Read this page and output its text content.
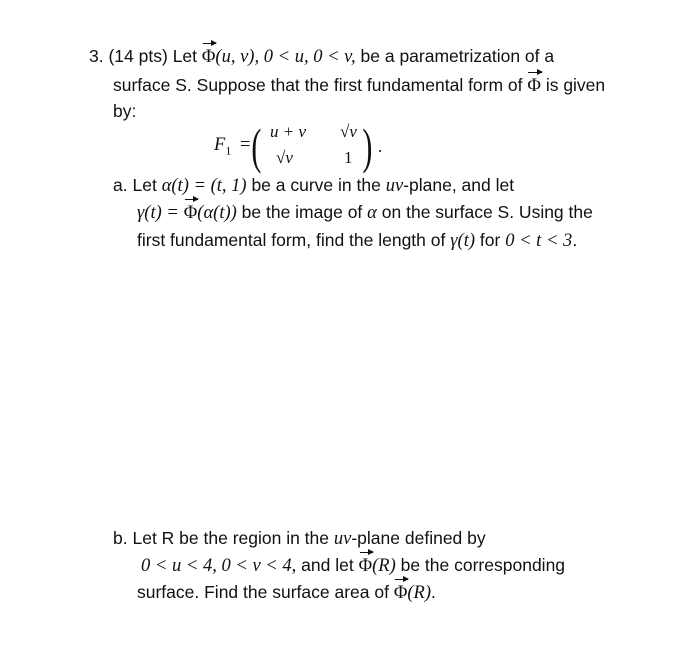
3. (14 pts) Let Φ(u, v), 0 < u, 0 < v, be a parametrization of a
surface S. Suppose that the first fundamental form of Φ is given
by:
$F_1$ = ( u + v √v
√v	1 ) .
a. Let α(t) = (t, 1) be a curve in the uv-plane, and let
γ(t) = Φ(α(t)) be the image of α on the surface S. Using the
first fundamental form, find the length of γ(t) for 0 < t < 3.
b. Let R be the region in the uv-plane defined by
0 < u < 4, 0 < v < 4, and let Φ(R) be the corresponding
surface. Find the surface area of Φ(R).
